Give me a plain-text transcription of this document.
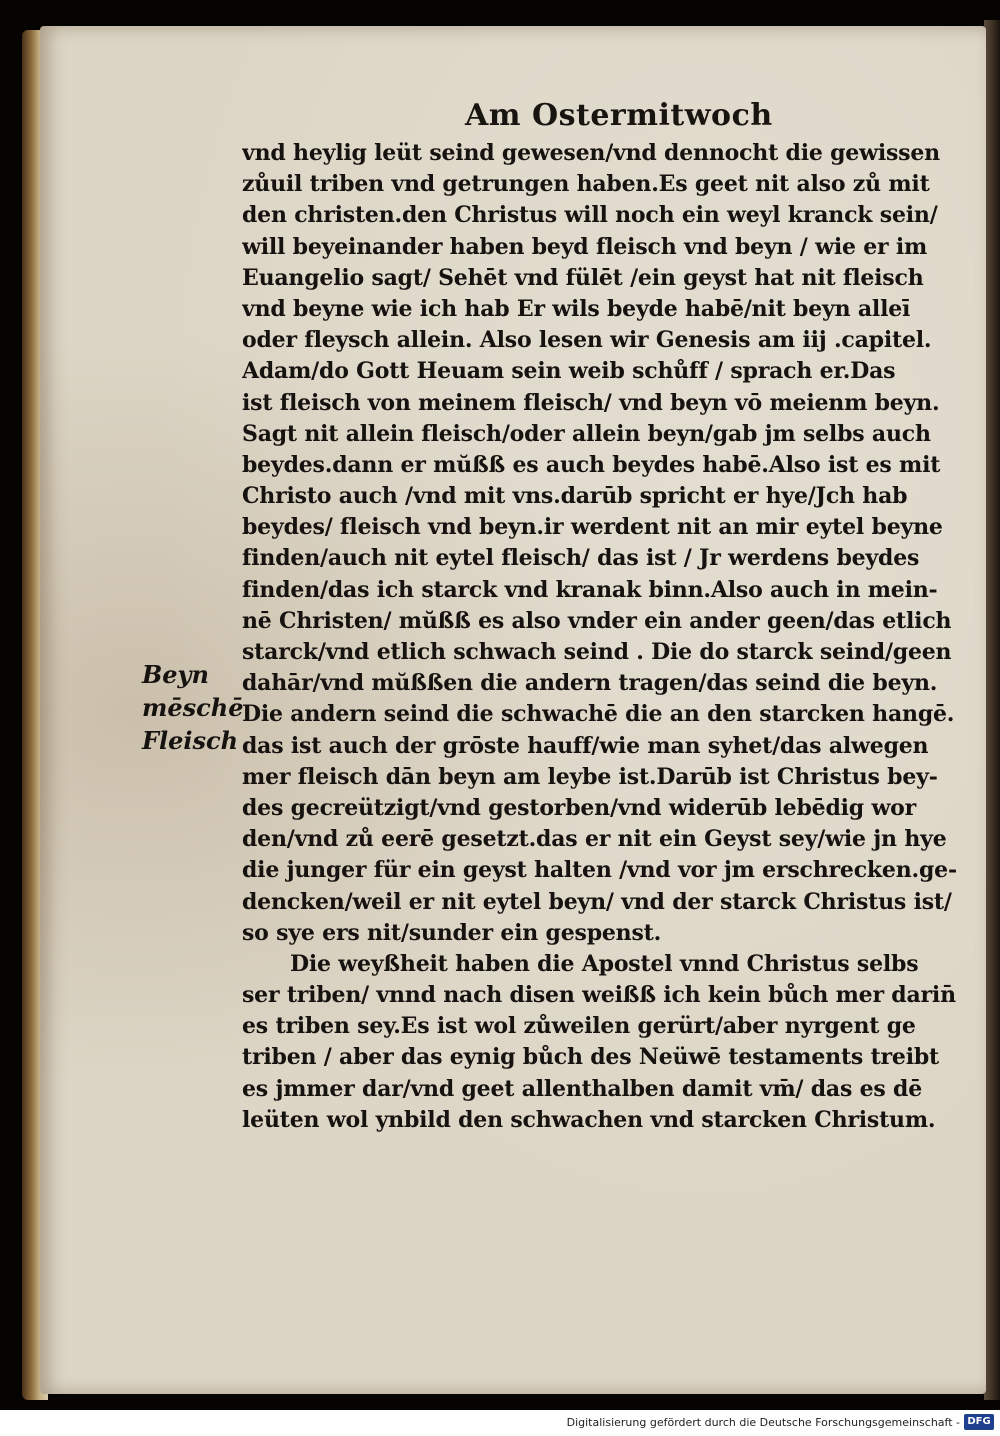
Am Ostermitwoch
vnd heylig leüt seind gewesen/vnd dennocht die gewissen
zůuil triben vnd getrungen haben.Es geet nit also zů mit
den christen.den Christus will noch ein weyl kranck sein/
will beyeinander haben beyd fleisch vnd beyn / wie er im
Euangelio sagt/ Sehēt vnd fülēt /ein geyst hat nit fleisch
vnd beyne wie ich hab Er wils beyde habē/nit beyn alleī
oder fleysch allein. Also lesen wir Genesis am iij .capitel.
Adam/do Gott Heuam sein weib schůff / sprach er.Das
ist fleisch von meinem fleisch/ vnd beyn vō meienm beyn.
Sagt nit allein fleisch/oder allein beyn/gab jm selbs auch
beydes.dann er mŭßß es auch beydes habē.Also ist es mit
Christo auch /vnd mit vns.darūb spricht er hye/Jch hab
beydes/ fleisch vnd beyn.ir werdent nit an mir eytel beyne
finden/auch nit eytel fleisch/ das ist / Jr werdens beydes
finden/das ich starck vnd kranak binn.Also auch in mein-
nē Christen/ mŭßß es also vnder ein ander geen/das etlich
starck/vnd etlich schwach seind . Die do starck seind/geen
dahār/vnd mŭßßen die andern tragen/das seind die beyn.
Die andern seind die schwachē die an den starcken hangē.
das ist auch der grōste hauff/wie man syhet/das alwegen
mer fleisch dān beyn am leybe ist.Darūb ist Christus bey-
des gecreützigt/vnd gestorben/vnd widerūb lebēdig wor
den/vnd zů eerē gesetzt.das er nit ein Geyst sey/wie jn hye
die junger für ein geyst halten /vnd vor jm erschrecken.ge-
dencken/weil er nit eytel beyn/ vnd der starck Christus ist/
so sye ers nit/sunder ein gespenst.
Die weyßheit haben die Apostel vnnd Christus selbs
ser triben/ vnnd nach disen weißß ich kein bůch mer darin̄
es triben sey.Es ist wol zůweilen gerürt/aber nyrgent ge
triben / aber das eynig bůch des Neüwē testaments treibt
es jmmer dar/vnd geet allenthalben damit vm̄/ das es dē
leüten wol ynbild den schwachen vnd starcken Christum.
Beyn
mēschē
Fleisch
Digitalisierung gefördert durch die Deutsche Forschungsgemeinschaft - DFG
